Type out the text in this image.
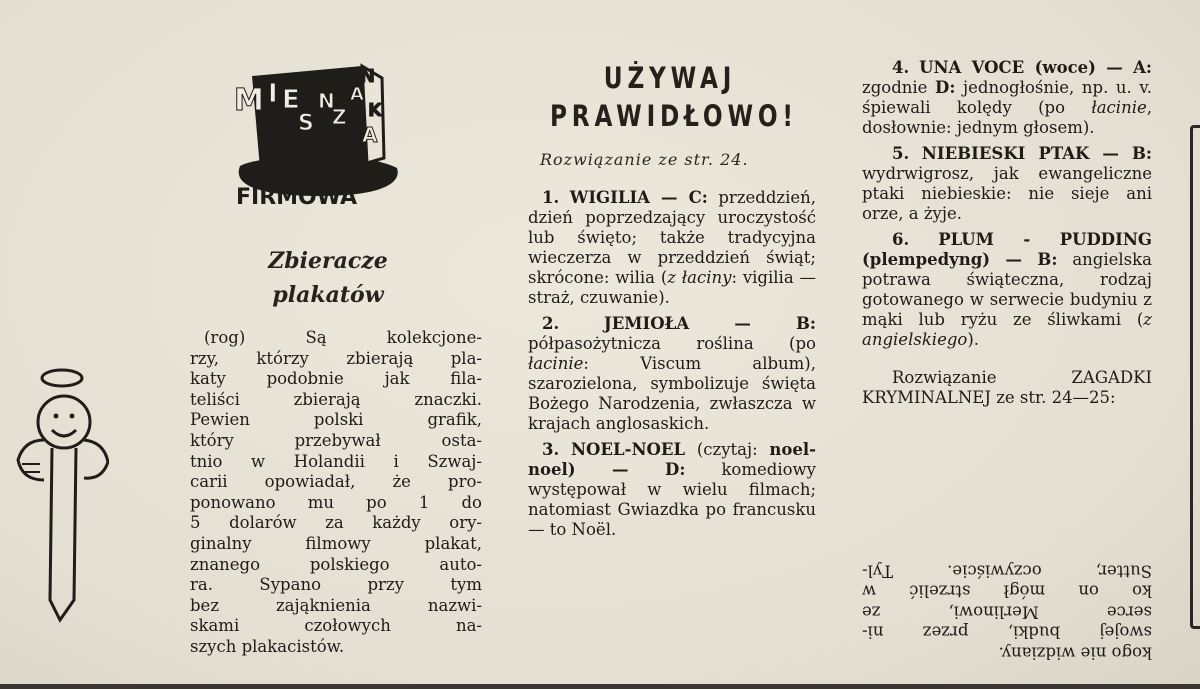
M I E
S
N
Z
N
A
K
A
FIRMOWA
Zbieracze
plakatów
(rog) Są kolekcjone-
rzy, którzy zbierają pla-
katy podobnie jak fila-
teliści zbierają znaczki.
Pewien polski grafik,
który przebywał osta-
tnio w Holandii i Szwaj-
carii opowiadał, że pro-
ponowano mu po 1 do
5 dolarów za każdy ory-
ginalny filmowy plakat,
znanego polskiego auto-
ra. Sypano przy tym
bez zająknienia nazwi-
skami czołowych na-
szych plakacistów.
UŻYWAJ
PRAWIDŁOWO!
Rozwiązanie ze str. 24.

1. WIGILIA — C: przeddzień, dzień poprzedzający uroczystość lub święto; także tradycyjna wieczerza w przeddzień świąt; skrócone: wilia (z łaciny: vigilia — straż, czuwanie).

2.	JEMIOŁA — B: półpasożytnicza roślina (po łacinie: Viscum album), szarozielona, symbolizuje święta Bożego Narodzenia, zwłaszcza w krajach anglosaskich.

3. NOEL-NOEL (czytaj: noel-noel) — D: komediowy występował w wielu filmach; natomiast Gwiazdka po francusku — to Noël.

4. UNA VOCE (woce) — A: zgodnie D: jednogłośnie, np. u. v. śpiewali kolędy (po łacinie, dosłownie: jednym głosem).

5. NIEBIESKI PTAK — B: wydrwigrosz, jak ewangeliczne ptaki niebieskie: nie sieje ani orze, a żyje.

6. PLUM - PUDDING (plempedyng) — B: angielska potrawa świąteczna, rodzaj gotowanego w serwecie budyniu z mąki lub ryżu ze śliwkami (z angielskiego).

Rozwiązanie ZAGADKI KRYMINALNEJ ze str. 24—25:

kogo nie widziany.
swojej budki, przez ni-
serce Merlinowi, ze
ko on mógł strzelić w
Sutter, oczywiście. Tyl-
